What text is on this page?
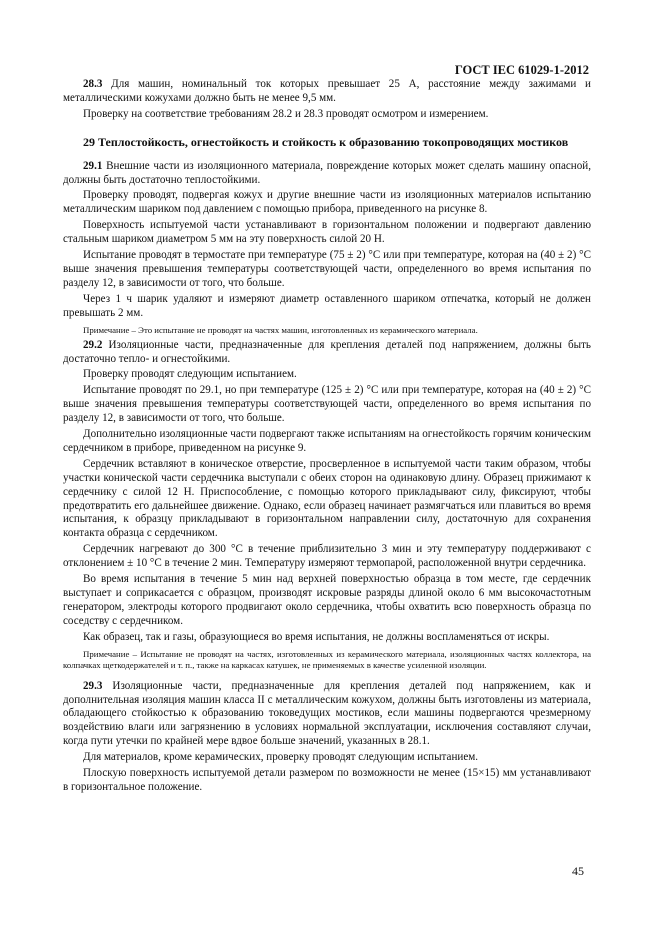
ГОСТ IEC 61029-1-2012

28.3 Для машин, номинальный ток которых превышает 25 А, расстояние между зажимами и металлическими кожухами должно быть не менее 9,5 мм.

Проверку на соответствие требованиям 28.2 и 28.3 проводят осмотром и измерением.

29 Теплостойкость, огнестойкость и стойкость к образованию токопроводящих мостиков

29.1 Внешние части из изоляционного материала, повреждение которых может сделать машину опасной, должны быть достаточно теплостойкими.

Проверку проводят, подвергая кожух и другие внешние части из изоляционных материалов испытанию металлическим шариком под давлением с помощью прибора, приведенного на рисунке 8.

Поверхность испытуемой части устанавливают в горизонтальном положении и подвергают давлению стальным шариком диаметром 5 мм на эту поверхность силой 20 Н.

Испытание проводят в термостате при температуре (75 ± 2) °С или при температуре, которая на (40 ± 2) °С выше значения превышения температуры соответствующей части, определенного во время испытания по разделу 12, в зависимости от того, что больше.

Через 1 ч шарик удаляют и измеряют диаметр оставленного шариком отпечатка, который не должен превышать 2 мм.

Примечание – Это испытание не проводят на частях машин, изготовленных из керамического материала.

29.2 Изоляционные части, предназначенные для крепления деталей под напряжением, должны быть достаточно тепло- и огнестойкими.

Проверку проводят следующим испытанием.

Испытание проводят по 29.1, но при температуре (125 ± 2) °С или при температуре, которая на (40 ± 2) °С выше значения превышения температуры соответствующей части, определенного во время испытания по разделу 12, в зависимости от того, что больше.

Дополнительно изоляционные части подвергают также испытаниям на огнестойкость горячим коническим сердечником в приборе, приведенном на рисунке 9.

Сердечник вставляют в коническое отверстие, просверленное в испытуемой части таким образом, чтобы участки конической части сердечника выступали с обеих сторон на одинаковую длину. Образец прижимают к сердечнику с силой 12 Н. Приспособление, с помощью которого прикладывают силу, фиксируют, чтобы предотвратить его дальнейшее движение. Однако, если образец начинает размягчаться или плавиться во время испытания, к образцу прикладывают в горизонтальном направлении силу, достаточную для сохранения контакта образца с сердечником.

Сердечник нагревают до 300 °С в течение приблизительно 3 мин и эту температуру поддерживают с отклонением ± 10 °С в течение 2 мин. Температуру измеряют термопарой, расположенной внутри сердечника.

Во время испытания в течение 5 мин над верхней поверхностью образца в том месте, где сердечник выступает и соприкасается с образцом, производят искровые разряды длиной около 6 мм высокочастотным генератором, электроды которого продвигают около сердечника, чтобы охватить всю поверхность образца по соседству с сердечником.

Как образец, так и газы, образующиеся во время испытания, не должны воспламеняться от искры.

Примечание – Испытание не проводят на частях, изготовленных из керамического материала, изоляционных частях коллектора, на колпачках щеткодержателей и т. п., также на каркасах катушек, не применяемых в качестве усиленной изоляции.

29.3 Изоляционные части, предназначенные для крепления деталей под напряжением, как и дополнительная изоляция машин класса II с металлическим кожухом, должны быть изготовлены из материала, обладающего стойкостью к образованию токоведущих мостиков, если машины подвергаются чрезмерному воздействию влаги или загрязнению в условиях нормальной эксплуатации, исключения составляют случаи, когда пути утечки по крайней мере вдвое больше значений, указанных в 28.1.

Для материалов, кроме керамических, проверку проводят следующим испытанием.

Плоскую поверхность испытуемой детали размером по возможности не менее (15×15) мм устанавливают в горизонтальное положение.

45
